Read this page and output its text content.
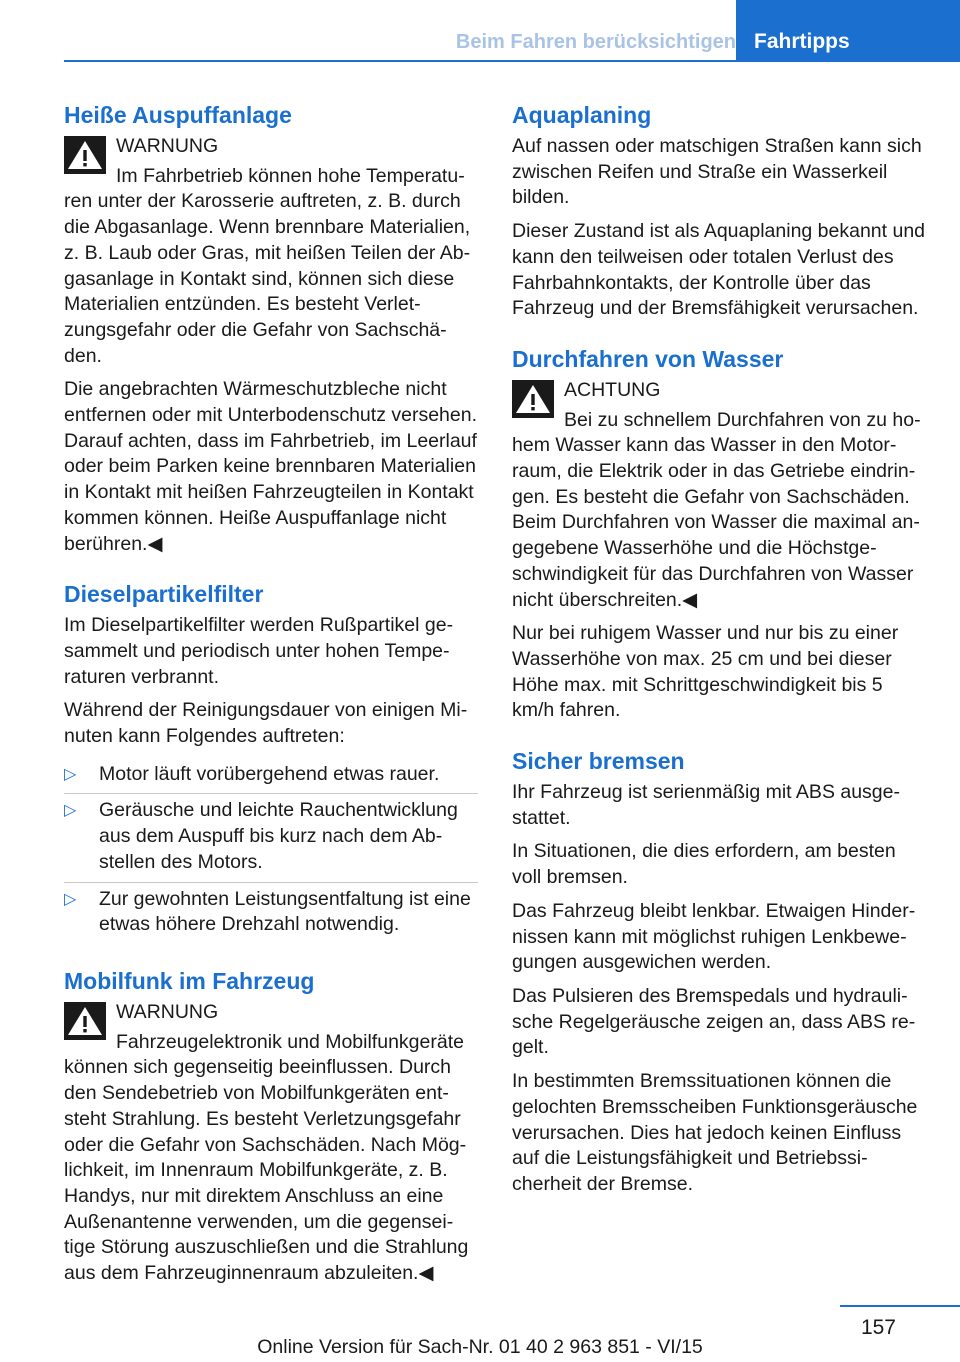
Beim Fahren berücksichtigen Fahrtipps
Heiße Auspuffanlage
WARNUNG

Im Fahrbetrieb können hohe Temperaturen unter der Karosserie auftreten, z. B. durch die Abgasanlage. Wenn brennbare Materialien, z. B. Laub oder Gras, mit heißen Teilen der Abgasanlage in Kontakt sind, können sich diese Materialien entzünden. Es besteht Verletzungsgefahr oder die Gefahr von Sachschäden.

Die angebrachten Wärmeschutzbleche nicht entfernen oder mit Unterbodenschutz versehen. Darauf achten, dass im Fahrbetrieb, im Leerlauf oder beim Parken keine brennbaren Materialien in Kontakt mit heißen Fahrzeugteilen in Kontakt kommen können. Heiße Auspuffanlage nicht berühren.◀

Dieselpartikelfilter

Im Dieselpartikelfilter werden Rußpartikel gesammelt und periodisch unter hohen Temperaturen verbrannt.

Während der Reinigungsdauer von einigen Minuten kann Folgendes auftreten:

▷ Motor läuft vorübergehend etwas rauer.
▷ Geräusche und leichte Rauchentwicklung aus dem Auspuff bis kurz nach dem Abstellen des Motors.
▷ Zur gewohnten Leistungsentfaltung ist eine etwas höhere Drehzahl notwendig.
Mobilfunk im Fahrzeug
WARNUNG

Fahrzeugelektronik und Mobilfunkgeräte können sich gegenseitig beeinflussen. Durch den Sendebetrieb von Mobilfunkgeräten entsteht Strahlung. Es besteht Verletzungsgefahr oder die Gefahr von Sachschäden. Nach Möglichkeit, im Innenraum Mobilfunkgeräte, z. B. Handys, nur mit direktem Anschluss an eine Außenantenne verwenden, um die gegenseitige Störung auszuschließen und die Strahlung aus dem Fahrzeuginnenraum abzuleiten.◀

Aquaplaning

Auf nassen oder matschigen Straßen kann sich zwischen Reifen und Straße ein Wasserkeil bilden.

Dieser Zustand ist als Aquaplaning bekannt und kann den teilweisen oder totalen Verlust des Fahrbahnkontakts, der Kontrolle über das Fahrzeug und der Bremsfähigkeit verursachen.

Durchfahren von Wasser
ACHTUNG

Bei zu schnellem Durchfahren von zu hohem Wasser kann das Wasser in den Motorraum, die Elektrik oder in das Getriebe eindringen. Es besteht die Gefahr von Sachschäden. Beim Durchfahren von Wasser die maximal angegebene Wasserhöhe und die Höchstgeschwindigkeit für das Durchfahren von Wasser nicht überschreiten.◀

Nur bei ruhigem Wasser und nur bis zu einer Wasserhöhe von max. 25 cm und bei dieser Höhe max. mit Schrittgeschwindigkeit bis 5 km/h fahren.

Sicher bremsen

Ihr Fahrzeug ist serienmäßig mit ABS ausgestattet.

In Situationen, die dies erfordern, am besten voll bremsen.

Das Fahrzeug bleibt lenkbar. Etwaigen Hindernissen kann mit möglichst ruhigen Lenkbewegungen ausgewichen werden.

Das Pulsieren des Bremspedals und hydraulische Regelgeräusche zeigen an, dass ABS regelt.

In bestimmten Bremssituationen können die gelochten Bremsscheiben Funktionsgeräusche verursachen. Dies hat jedoch keinen Einfluss auf die Leistungsfähigkeit und Betriebssicherheit der Bremse.

157
Online Version für Sach-Nr. 01 40 2 963 851 - VI/15
